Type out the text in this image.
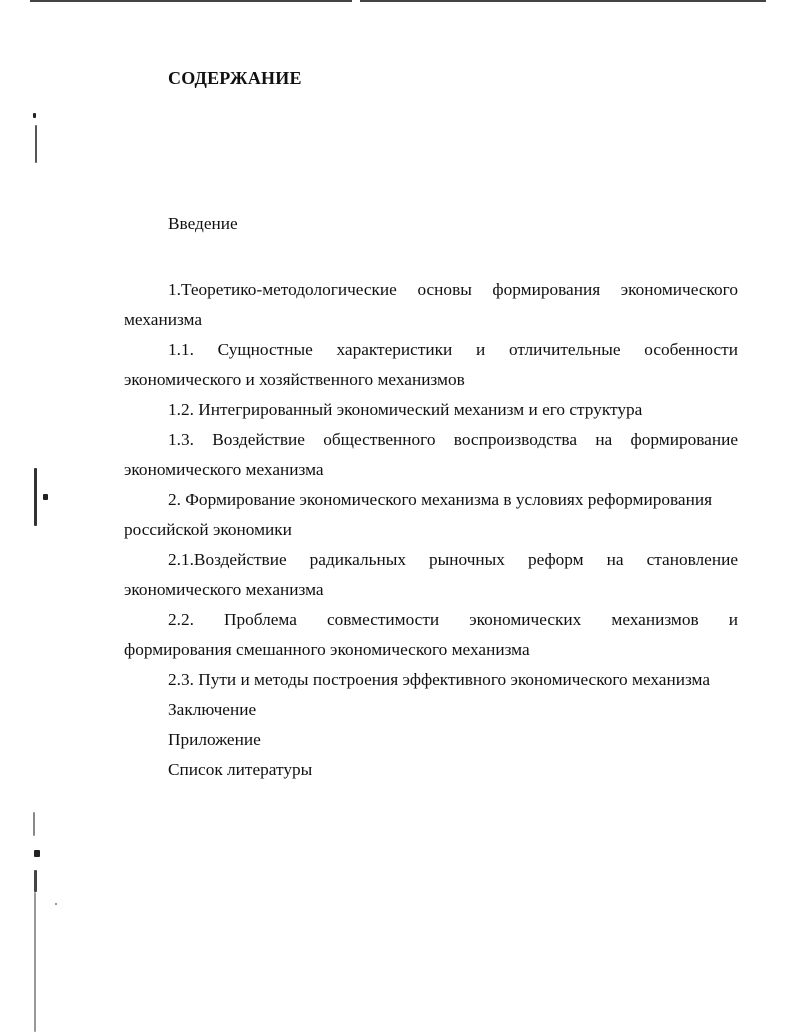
СОДЕРЖАНИЕ
Введение
1.Теоретико-методологические основы формирования экономического
механизма
1.1. Сущностные характеристики и отличительные особенности
экономического и хозяйственного механизмов
1.2. Интегрированный экономический механизм и его структура
1.3. Воздействие общественного воспроизводства на формирование
экономического механизма
2. Формирование экономического механизма в условиях реформирования
российской экономики
2.1.Воздействие радикальных рыночных реформ на становление
экономического механизма
2.2. Проблема совместимости экономических механизмов и
формирования смешанного экономического механизма
2.3. Пути и методы построения эффективного экономического механизма
Заключение
Приложение
Список литературы
